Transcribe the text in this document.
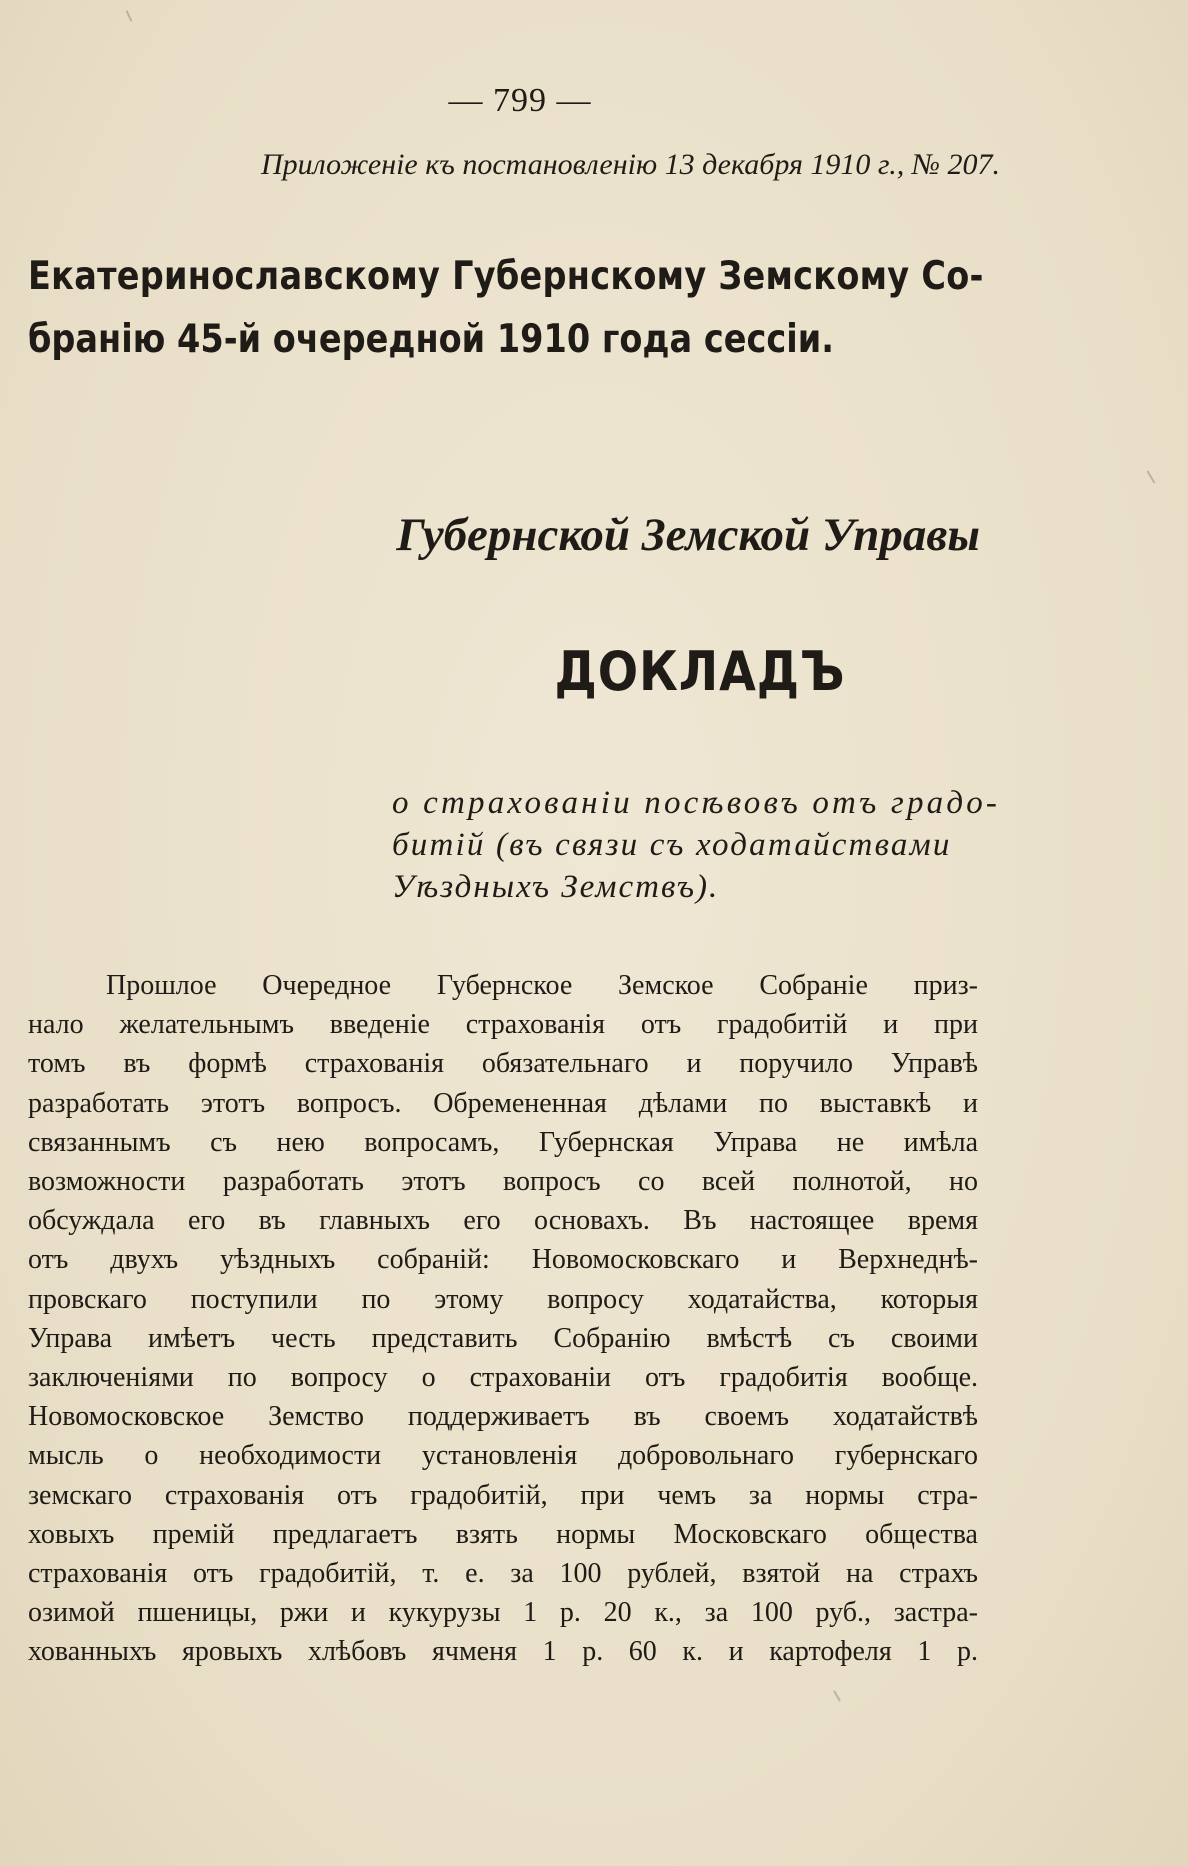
— 799 —
Приложеніе къ постановленію 13 декабря 1910 г., № 207.
Екатеринославскому Губернскому Земскому Со-
бранію 45-й очередной 1910 года сессіи.
Губернской Земской Управы
ДОКЛАДЪ
о страхованіи посѣвовъ отъ градо-
битій (въ связи съ ходатайствами
Уѣздныхъ Земствъ).
Прошлое Очередное Губернское Земское Собраніе приз-
нало желательнымъ введеніе страхованія отъ градобитій и при
томъ въ формѣ страхованія обязательнаго и поручило Управѣ
разработать этотъ вопросъ. Обремененная дѣлами по выставкѣ и
связаннымъ съ нею вопросамъ, Губернская Управа не имѣла
возможности разработать этотъ вопросъ со всей полнотой, но
обсуждала его въ главныхъ его основахъ. Въ настоящее время
отъ двухъ уѣздныхъ собраній: Новомосковскаго и Верхнеднѣ-
провскаго поступили по этому вопросу ходатайства, которыя
Управа имѣетъ честь представить Собранію вмѣстѣ съ своими
заключеніями по вопросу о страхованіи отъ градобитія вообще.
Новомосковское Земство поддерживаетъ въ своемъ ходатайствѣ
мысль о необходимости установленія добровольнаго губернскаго
земскаго страхованія отъ градобитій, при чемъ за нормы стра-
ховыхъ премій предлагаетъ взять нормы Московскаго общества
страхованія отъ градобитій, т. е. за 100 рублей, взятой на страхъ
озимой пшеницы, ржи и кукурузы 1 р. 20 к., за 100 руб., застра-
хованныхъ яровыхъ хлѣбовъ ячменя 1 р. 60 к. и картофеля 1 р.
